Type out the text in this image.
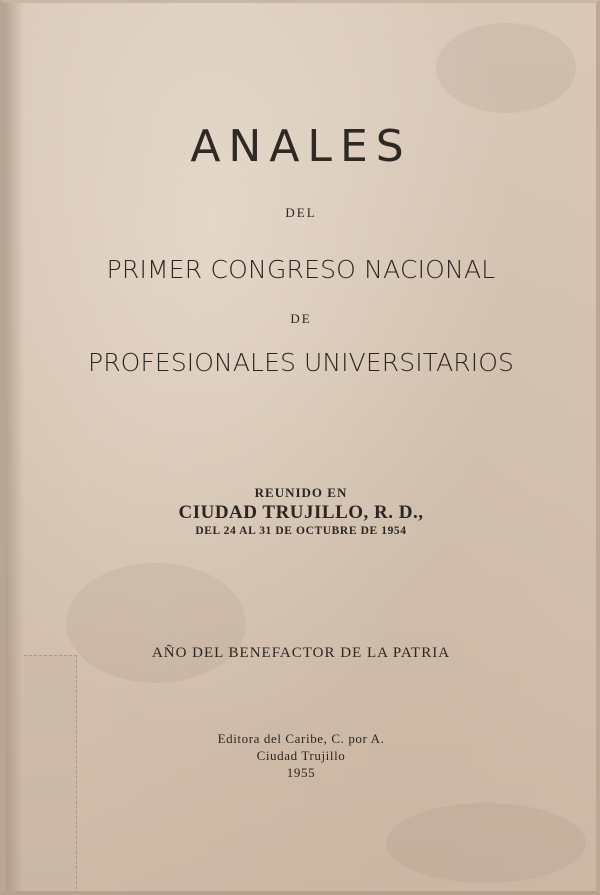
ANALES
DEL
PRIMER CONGRESO NACIONAL
DE
PROFESIONALES UNIVERSITARIOS
REUNIDO EN
CIUDAD TRUJILLO, R. D.,
DEL 24 AL 31 DE OCTUBRE DE 1954
AÑO DEL BENEFACTOR DE LA PATRIA
Editora del Caribe, C. por A.
Ciudad Trujillo
1955
